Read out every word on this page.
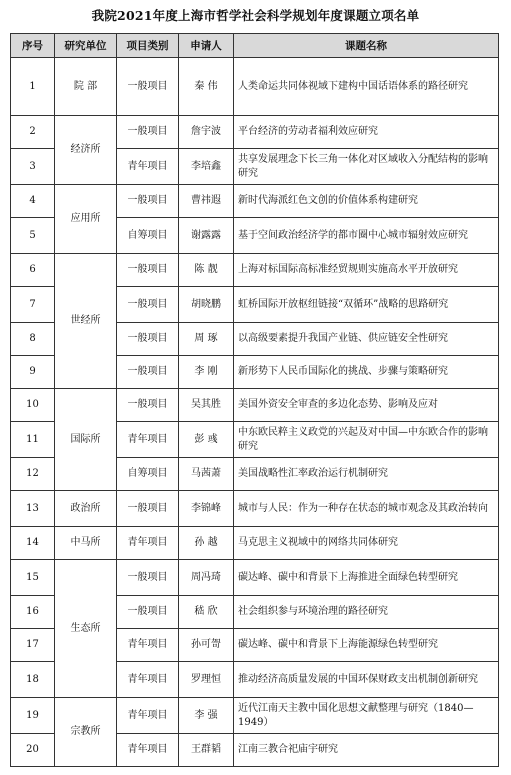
我院2021年度上海市哲学社会科学规划年度课题立项名单
序号	研究单位	项目类别	申请人	课题名称
1	院 部	一般项目	秦 伟	人类命运共同体视域下建构中国话语体系的路径研究
2	经济所	一般项目	詹宇波	平台经济的劳动者福利效应研究
3		青年项目	李培鑫	共享发展理念下长三角一体化对区域收入分配结构的影响研究
4	应用所	一般项目	曹祎遐	新时代海派红色文创的价值体系构建研究
5		自筹项目	谢露露	基于空间政治经济学的都市圈中心城市辐射效应研究
6	世经所	一般项目	陈 靓	上海对标国际高标准经贸规则实施高水平开放研究
7		一般项目	胡晓鹏	虹桥国际开放枢纽链接“双循环”战略的思路研究
8		一般项目	周 琢	以高级要素提升我国产业链、供应链安全性研究
9		一般项目	李 刚	新形势下人民币国际化的挑战、步骤与策略研究
10	国际所	一般项目	吴其胜	美国外资安全审查的多边化态势、影响及应对
11		青年项目	彭 彧	中东欧民粹主义政党的兴起及对中国—中东欧合作的影响研究
12		自筹项目	马茜萧	美国战略性汇率政治运行机制研究
13	政治所	一般项目	李锦峰	城市与人民：作为一种存在状态的城市观念及其政治转向
14	中马所	青年项目	孙 越	马克思主义视域中的网络共同体研究
15	生态所	一般项目	周冯琦	碳达峰、碳中和背景下上海推进全面绿色转型研究
16		一般项目	嵇 欣	社会组织参与环境治理的路径研究
17		青年项目	孙可哿	碳达峰、碳中和背景下上海能源绿色转型研究
18		青年项目	罗理恒	推动经济高质量发展的中国环保财政支出机制创新研究
19	宗教所	青年项目	李 强	近代江南天主教中国化思想文献整理与研究（1840—1949）
20		青年项目	王群韬	江南三教合祀庙宇研究
